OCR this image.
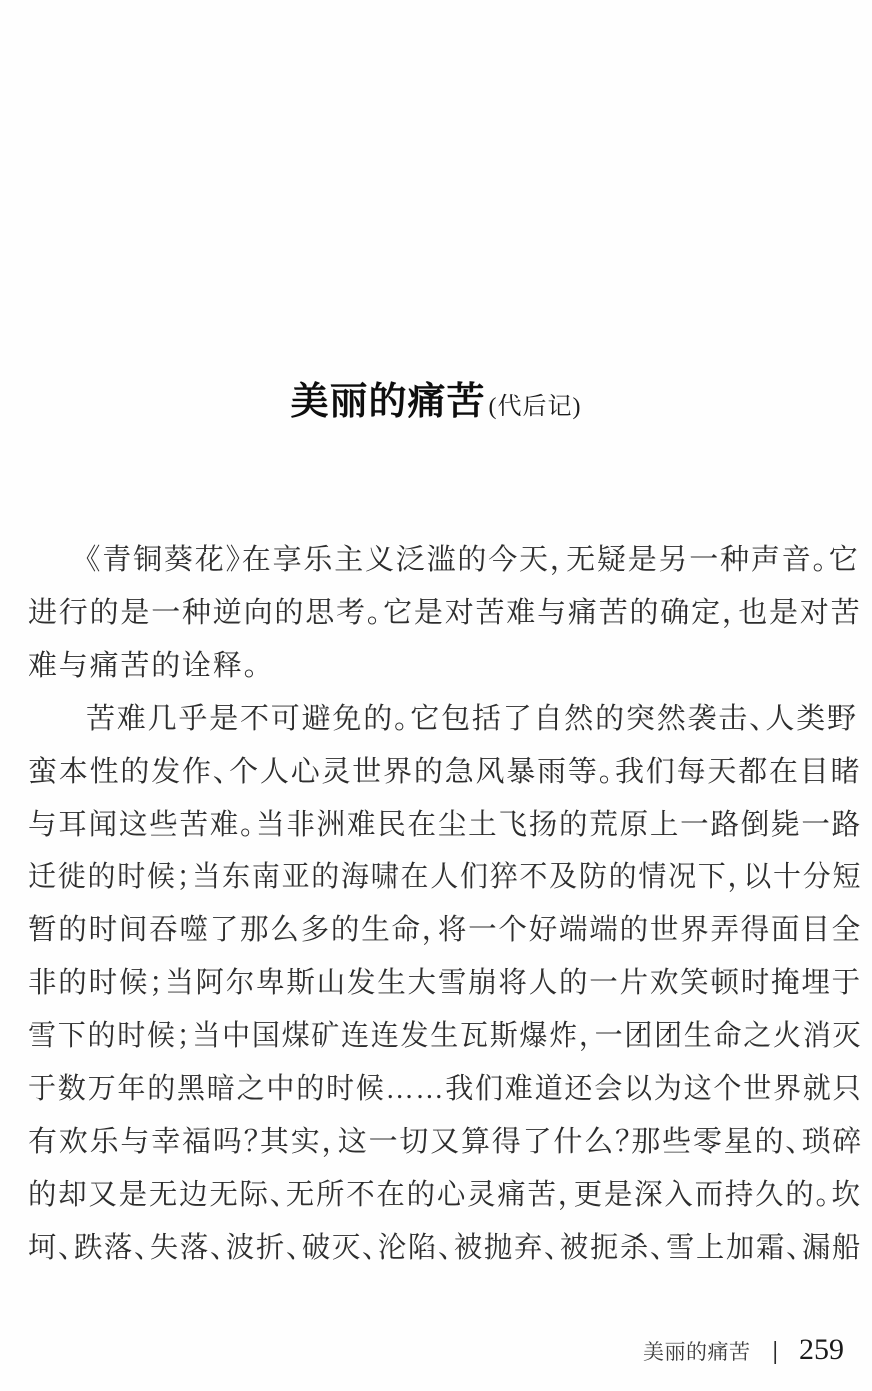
美丽的痛苦 (代后记)
《青铜葵花》在享乐主义泛滥的今天，无疑是另一种声音。它
进行的是一种逆向的思考。它是对苦难与痛苦的确定，也是对苦
难与痛苦的诠释。
苦难几乎是不可避免的。它包括了自然的突然袭击、人类野
蛮本性的发作、个人心灵世界的急风暴雨等。我们每天都在目睹
与耳闻这些苦难。当非洲难民在尘土飞扬的荒原上一路倒毙一路
迁徙的时候；当东南亚的海啸在人们猝不及防的情况下，以十分短
暂的时间吞噬了那么多的生命，将一个好端端的世界弄得面目全
非的时候；当阿尔卑斯山发生大雪崩将人的一片欢笑顿时掩埋于
雪下的时候；当中国煤矿连连发生瓦斯爆炸，一团团生命之火消灭
于数万年的黑暗之中的时候……我们难道还会以为这个世界就只
有欢乐与幸福吗？其实，这一切又算得了什么？那些零星的、琐碎
的却又是无边无际、无所不在的心灵痛苦，更是深入而持久的。坎
坷、跌落、失落、波折、破灭、沦陷、被抛弃、被扼杀、雪上加霜、漏船
美丽的痛苦 | 259
